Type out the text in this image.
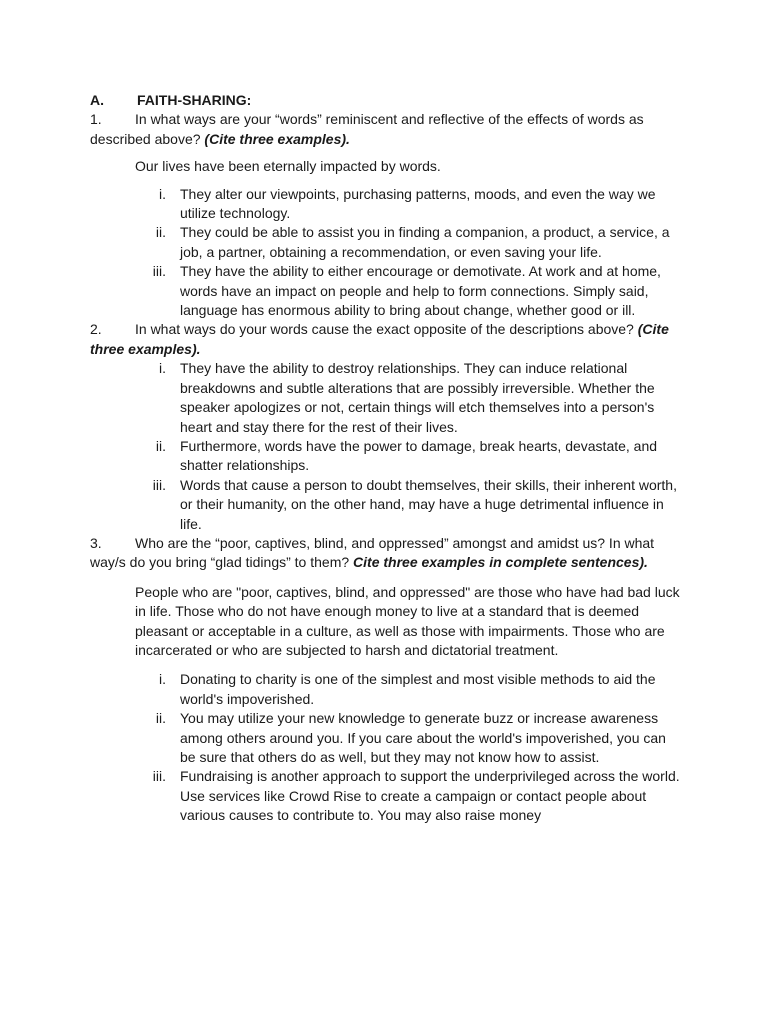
A.	FAITH-SHARING:

1. In what ways are your “words” reminiscent and reflective of the effects of words as described above? (Cite three examples).

Our lives have been eternally impacted by words.

i.	They alter our viewpoints, purchasing patterns, moods, and even the way we utilize technology.
ii.	They could be able to assist you in finding a companion, a product, a service, a job, a partner, obtaining a recommendation, or even saving your life.
iii.	They have the ability to either encourage or demotivate. At work and at home, words have an impact on people and help to form connections. Simply said, language has enormous ability to bring about change, whether good or ill.

2. In what ways do your words cause the exact opposite of the descriptions above? (Cite three examples).

i.	They have the ability to destroy relationships. They can induce relational breakdowns and subtle alterations that are possibly irreversible. Whether the speaker apologizes or not, certain things will etch themselves into a person's heart and stay there for the rest of their lives.
ii.	Furthermore, words have the power to damage, break hearts, devastate, and shatter relationships.
iii.	Words that cause a person to doubt themselves, their skills, their inherent worth, or their humanity, on the other hand, may have a huge detrimental influence in life.

3. Who are the “poor, captives, blind, and oppressed” amongst and amidst us? In what way/s do you bring “glad tidings” to them? Cite three examples in complete sentences).

People who are "poor, captives, blind, and oppressed" are those who have had bad luck in life. Those who do not have enough money to live at a standard that is deemed pleasant or acceptable in a culture, as well as those with impairments. Those who are incarcerated or who are subjected to harsh and dictatorial treatment.

i.	Donating to charity is one of the simplest and most visible methods to aid the world's impoverished.
ii.	You may utilize your new knowledge to generate buzz or increase awareness among others around you. If you care about the world's impoverished, you can be sure that others do as well, but they may not know how to assist.
iii.	Fundraising is another approach to support the underprivileged across the world. Use services like Crowd Rise to create a campaign or contact people about various causes to contribute to. You may also raise money
